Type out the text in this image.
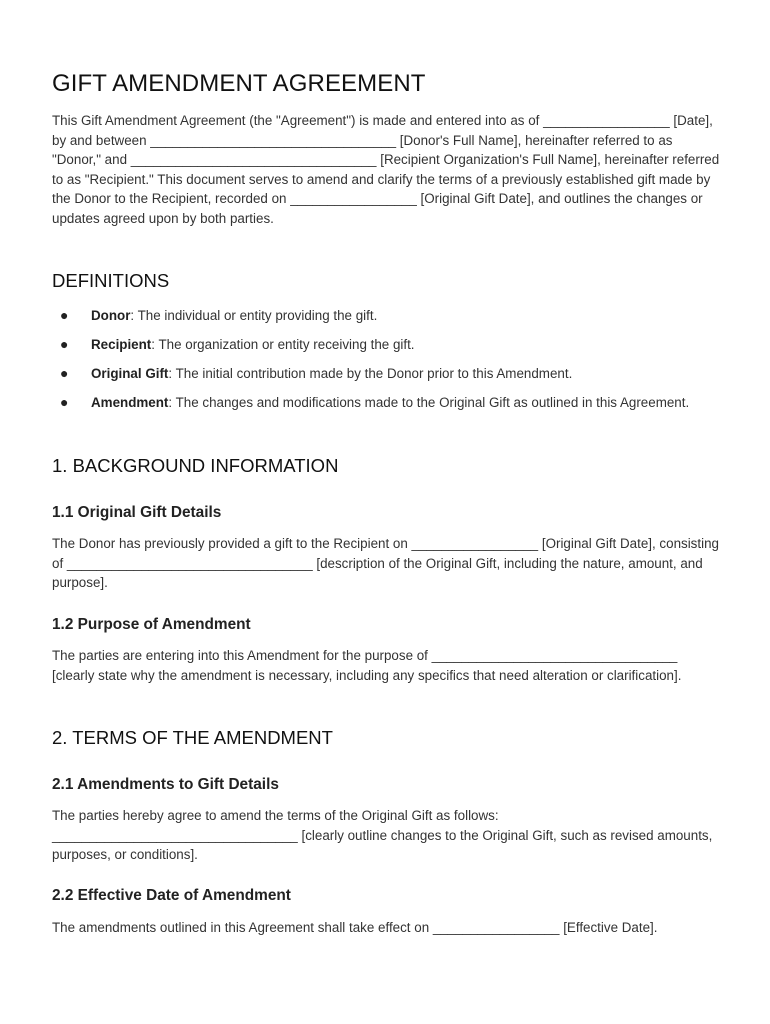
GIFT AMENDMENT AGREEMENT

This Gift Amendment Agreement (the "Agreement") is made and entered into as of _________________ [Date], by and between _________________________________ [Donor's Full Name], hereinafter referred to as "Donor," and _________________________________ [Recipient Organization's Full Name], hereinafter referred to as "Recipient." This document serves to amend and clarify the terms of a previously established gift made by the Donor to the Recipient, recorded on _________________ [Original Gift Date], and outlines the changes or updates agreed upon by both parties.

DEFINITIONS
● Donor: The individual or entity providing the gift.
● Recipient: The organization or entity receiving the gift.
● Original Gift: The initial contribution made by the Donor prior to this Amendment.
● Amendment: The changes and modifications made to the Original Gift as outlined in this Agreement.
1. BACKGROUND INFORMATION
1.1 Original Gift Details

The Donor has previously provided a gift to the Recipient on _________________ [Original Gift Date], consisting of _________________________________ [description of the Original Gift, including the nature, amount, and purpose].

1.2 Purpose of Amendment

The parties are entering into this Amendment for the purpose of _________________________________ [clearly state why the amendment is necessary, including any specifics that need alteration or clarification].

2. TERMS OF THE AMENDMENT
2.1 Amendments to Gift Details

The parties hereby agree to amend the terms of the Original Gift as follows: _________________________________ [clearly outline changes to the Original Gift, such as revised amounts, purposes, or conditions].

2.2 Effective Date of Amendment

The amendments outlined in this Agreement shall take effect on _________________ [Effective Date].
